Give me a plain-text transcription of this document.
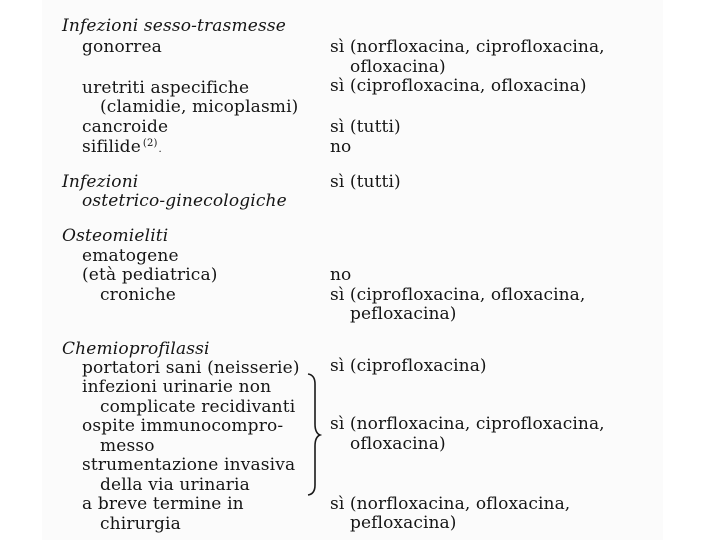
Infezioni sesso-trasmesse
gonorrea
uretriti aspecifiche
(clamidie, micoplasmi)
cancroide
sifilide $^{(2)}$.
Infezioni
ostetrico-ginecologiche
Osteomieliti
ematogene
(età pediatrica)
croniche
Chemioprofilassi
portatori sani (neisserie)
infezioni urinarie non
complicate recidivanti
ospite immunocompro-
messo
strumentazione invasiva
della via urinaria
a breve termine in
chirurgia
sì (norfloxacina, ciprofloxacina,
ofloxacina)
sì (ciprofloxacina, ofloxacina)
sì (tutti)
no
sì (tutti)
no
sì (ciprofloxacina, ofloxacina,
pefloxacina)
sì (ciprofloxacina)
sì (norfloxacina, ciprofloxacina,
ofloxacina)
sì (norfloxacina, ofloxacina,
pefloxacina)
